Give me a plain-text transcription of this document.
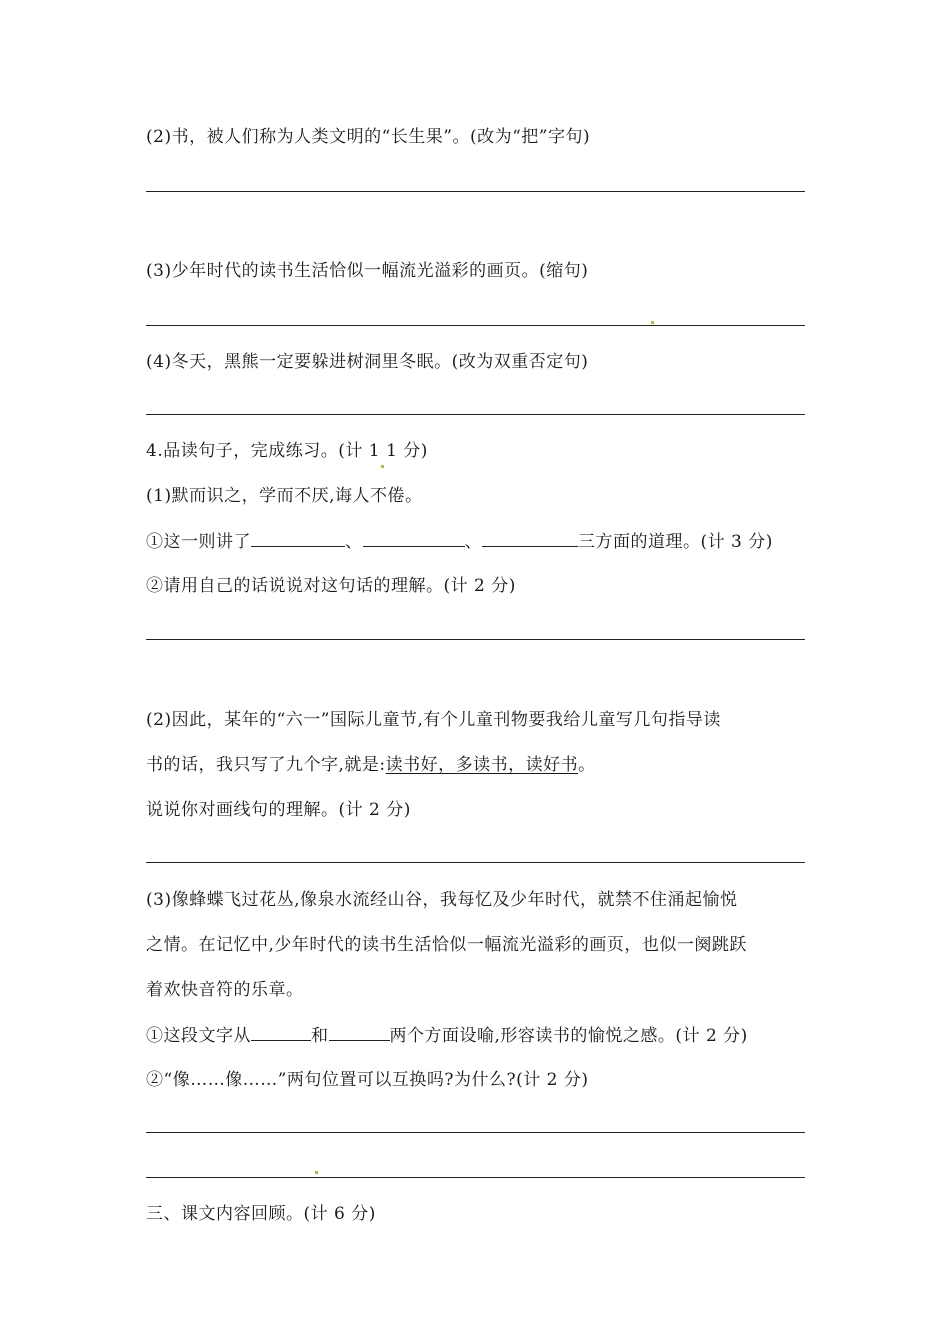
(2)书，被人们称为人类文明的“长生果”。(改为“把”字句)
(3)少年时代的读书生活恰似一幅流光溢彩的画页。(缩句)
(4)冬天，黑熊一定要躲进树洞里冬眠。(改为双重否定句)
4.品读句子，完成练习。(计 1 1 分)
(1)默而识之，学而不厌,诲人不倦。
①这一则讲了	、	、	三方面的道理。(计 3 分)
②请用自己的话说说对这句话的理解。(计 2 分)
(2)因此，某年的“六一”国际儿童节,有个儿童刊物要我给儿童写几句指导读
书的话，我只写了九个字,就是:读书好，多读书，读好书。
说说你对画线句的理解。(计 2 分)
(3)像蜂蝶飞过花丛,像泉水流经山谷，我每忆及少年时代，就禁不住涌起愉悦
之情。在记忆中,少年时代的读书生活恰似一幅流光溢彩的画页，也似一阕跳跃
着欢快音符的乐章。
①这段文字从	和	两个方面设喻,形容读书的愉悦之感。(计 2 分)
②“像……像……”两句位置可以互换吗?为什么?(计 2 分)
三、课文内容回顾。(计 6 分)
